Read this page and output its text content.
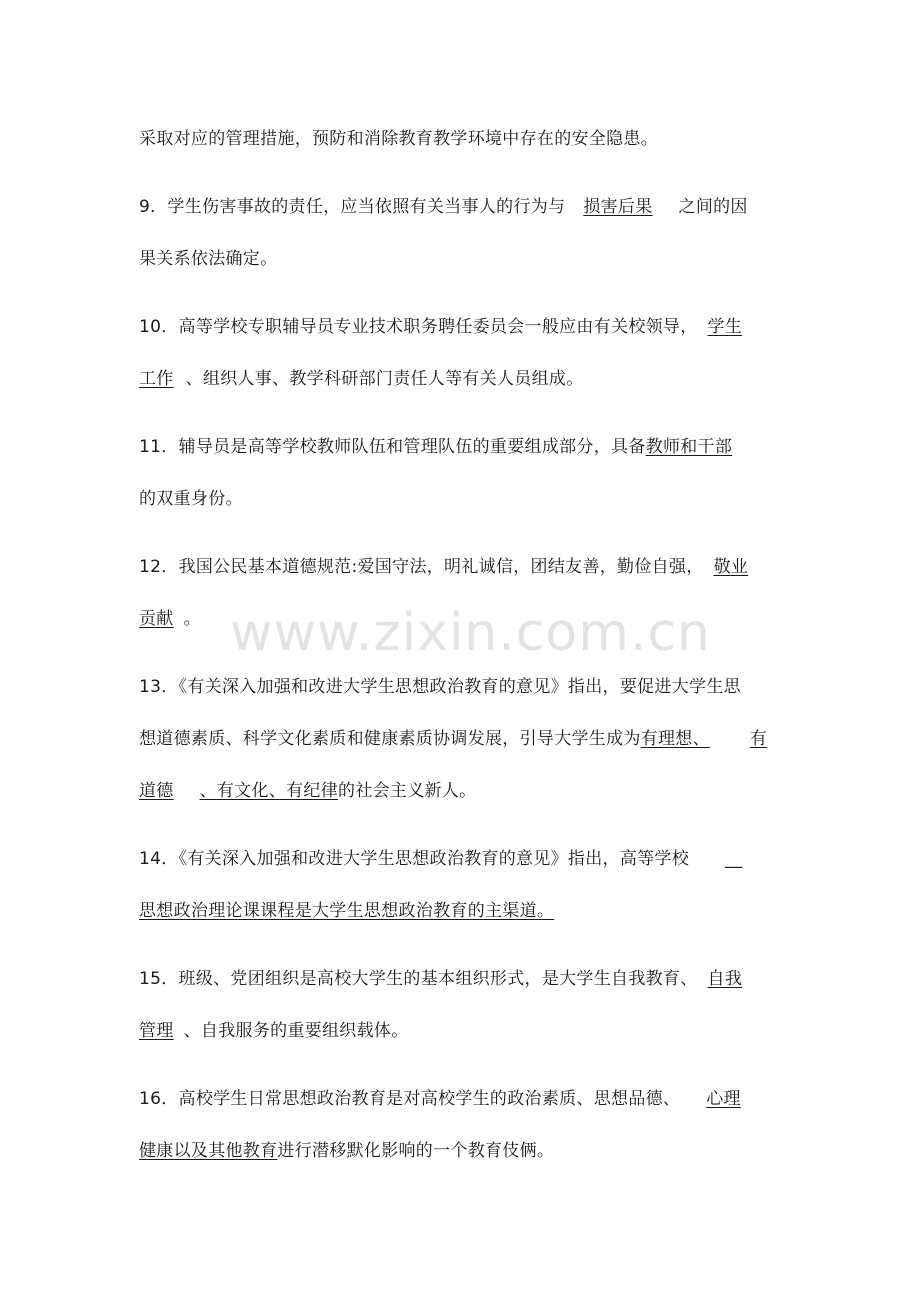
www.zixin.com.cn
采取对应的管理措施，预防和消除教育教学环境中存在的安全隐患。
9．学生伤害事故的责任，应当依照有关当事人的行为与 损害后果 之间的因
果关系依法确定。
10．高等学校专职辅导员专业技术职务聘任委员会一般应由有关校领导， 学生
工作 、组织人事、教学科研部门责任人等有关人员组成。
11．辅导员是高等学校教师队伍和管理队伍的重要组成部分，具备教师和干部
的双重身份。
12．我国公民基本道德规范:爱国守法，明礼诚信，团结友善，勤俭自强， 敬业
贡献 。
13．《有关深入加强和改进大学生思想政治教育的意见》指出，要促进大学生思
想道德素质、科学文化素质和健康素质协调发展，引导大学生成为有理想、 有
道德 、有文化、有纪律的社会主义新人。
14．《有关深入加强和改进大学生思想政治教育的意见》指出，高等学校 __
思想政治理论课课程是大学生思想政治教育的主渠道。
15．班级、党团组织是高校大学生的基本组织形式，是大学生自我教育、 自我
管理 、自我服务的重要组织载体。
16．高校学生日常思想政治教育是对高校学生的政治素质、思想品德、 心理
健康以及其他教育进行潜移默化影响的一个教育伎俩。
